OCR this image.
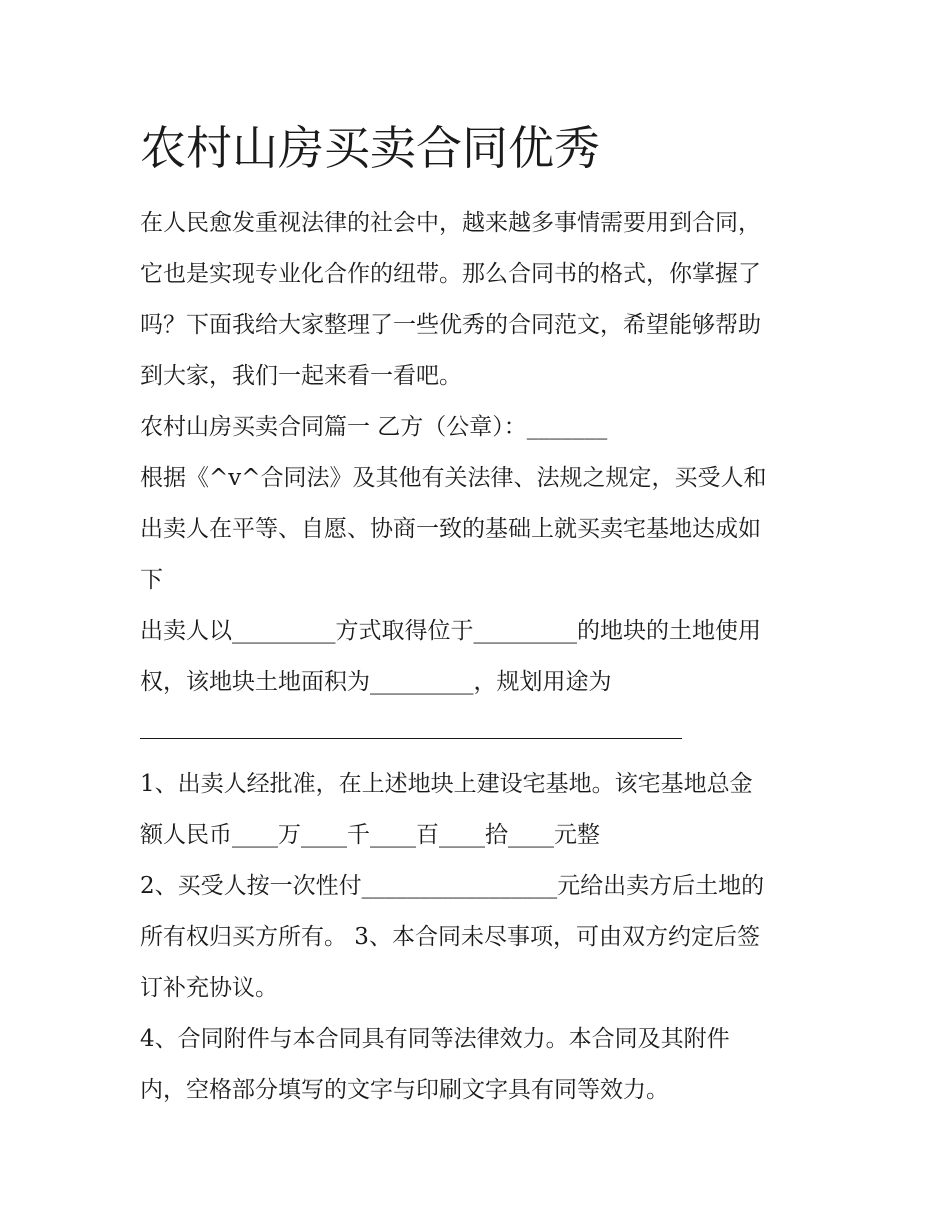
农村山房买卖合同优秀

在人民愈发重视法律的社会中，越来越多事情需要用到合同，

它也是实现专业化合作的纽带。那么合同书的格式，你掌握了

吗？下面我给大家整理了一些优秀的合同范文，希望能够帮助

到大家，我们一起来看一看吧。

农村山房买卖合同篇一 乙方（公章）：_______

根据《^v^合同法》及其他有关法律、法规之规定，买受人和

出卖人在平等、自愿、协商一致的基础上就买卖宅基地达成如

下

出卖人以_________方式取得位于_________的地块的土地使用

权，该地块土地面积为_________，规划用途为

1、出卖人经批准，在上述地块上建设宅基地。该宅基地总金

额人民币____万____千____百____拾____元整

2、买受人按一次性付_________________元给出卖方后土地的

所有权归买方所有。 3、本合同未尽事项，可由双方约定后签

订补充协议。

4、合同附件与本合同具有同等法律效力。本合同及其附件

内，空格部分填写的文字与印刷文字具有同等效力。
